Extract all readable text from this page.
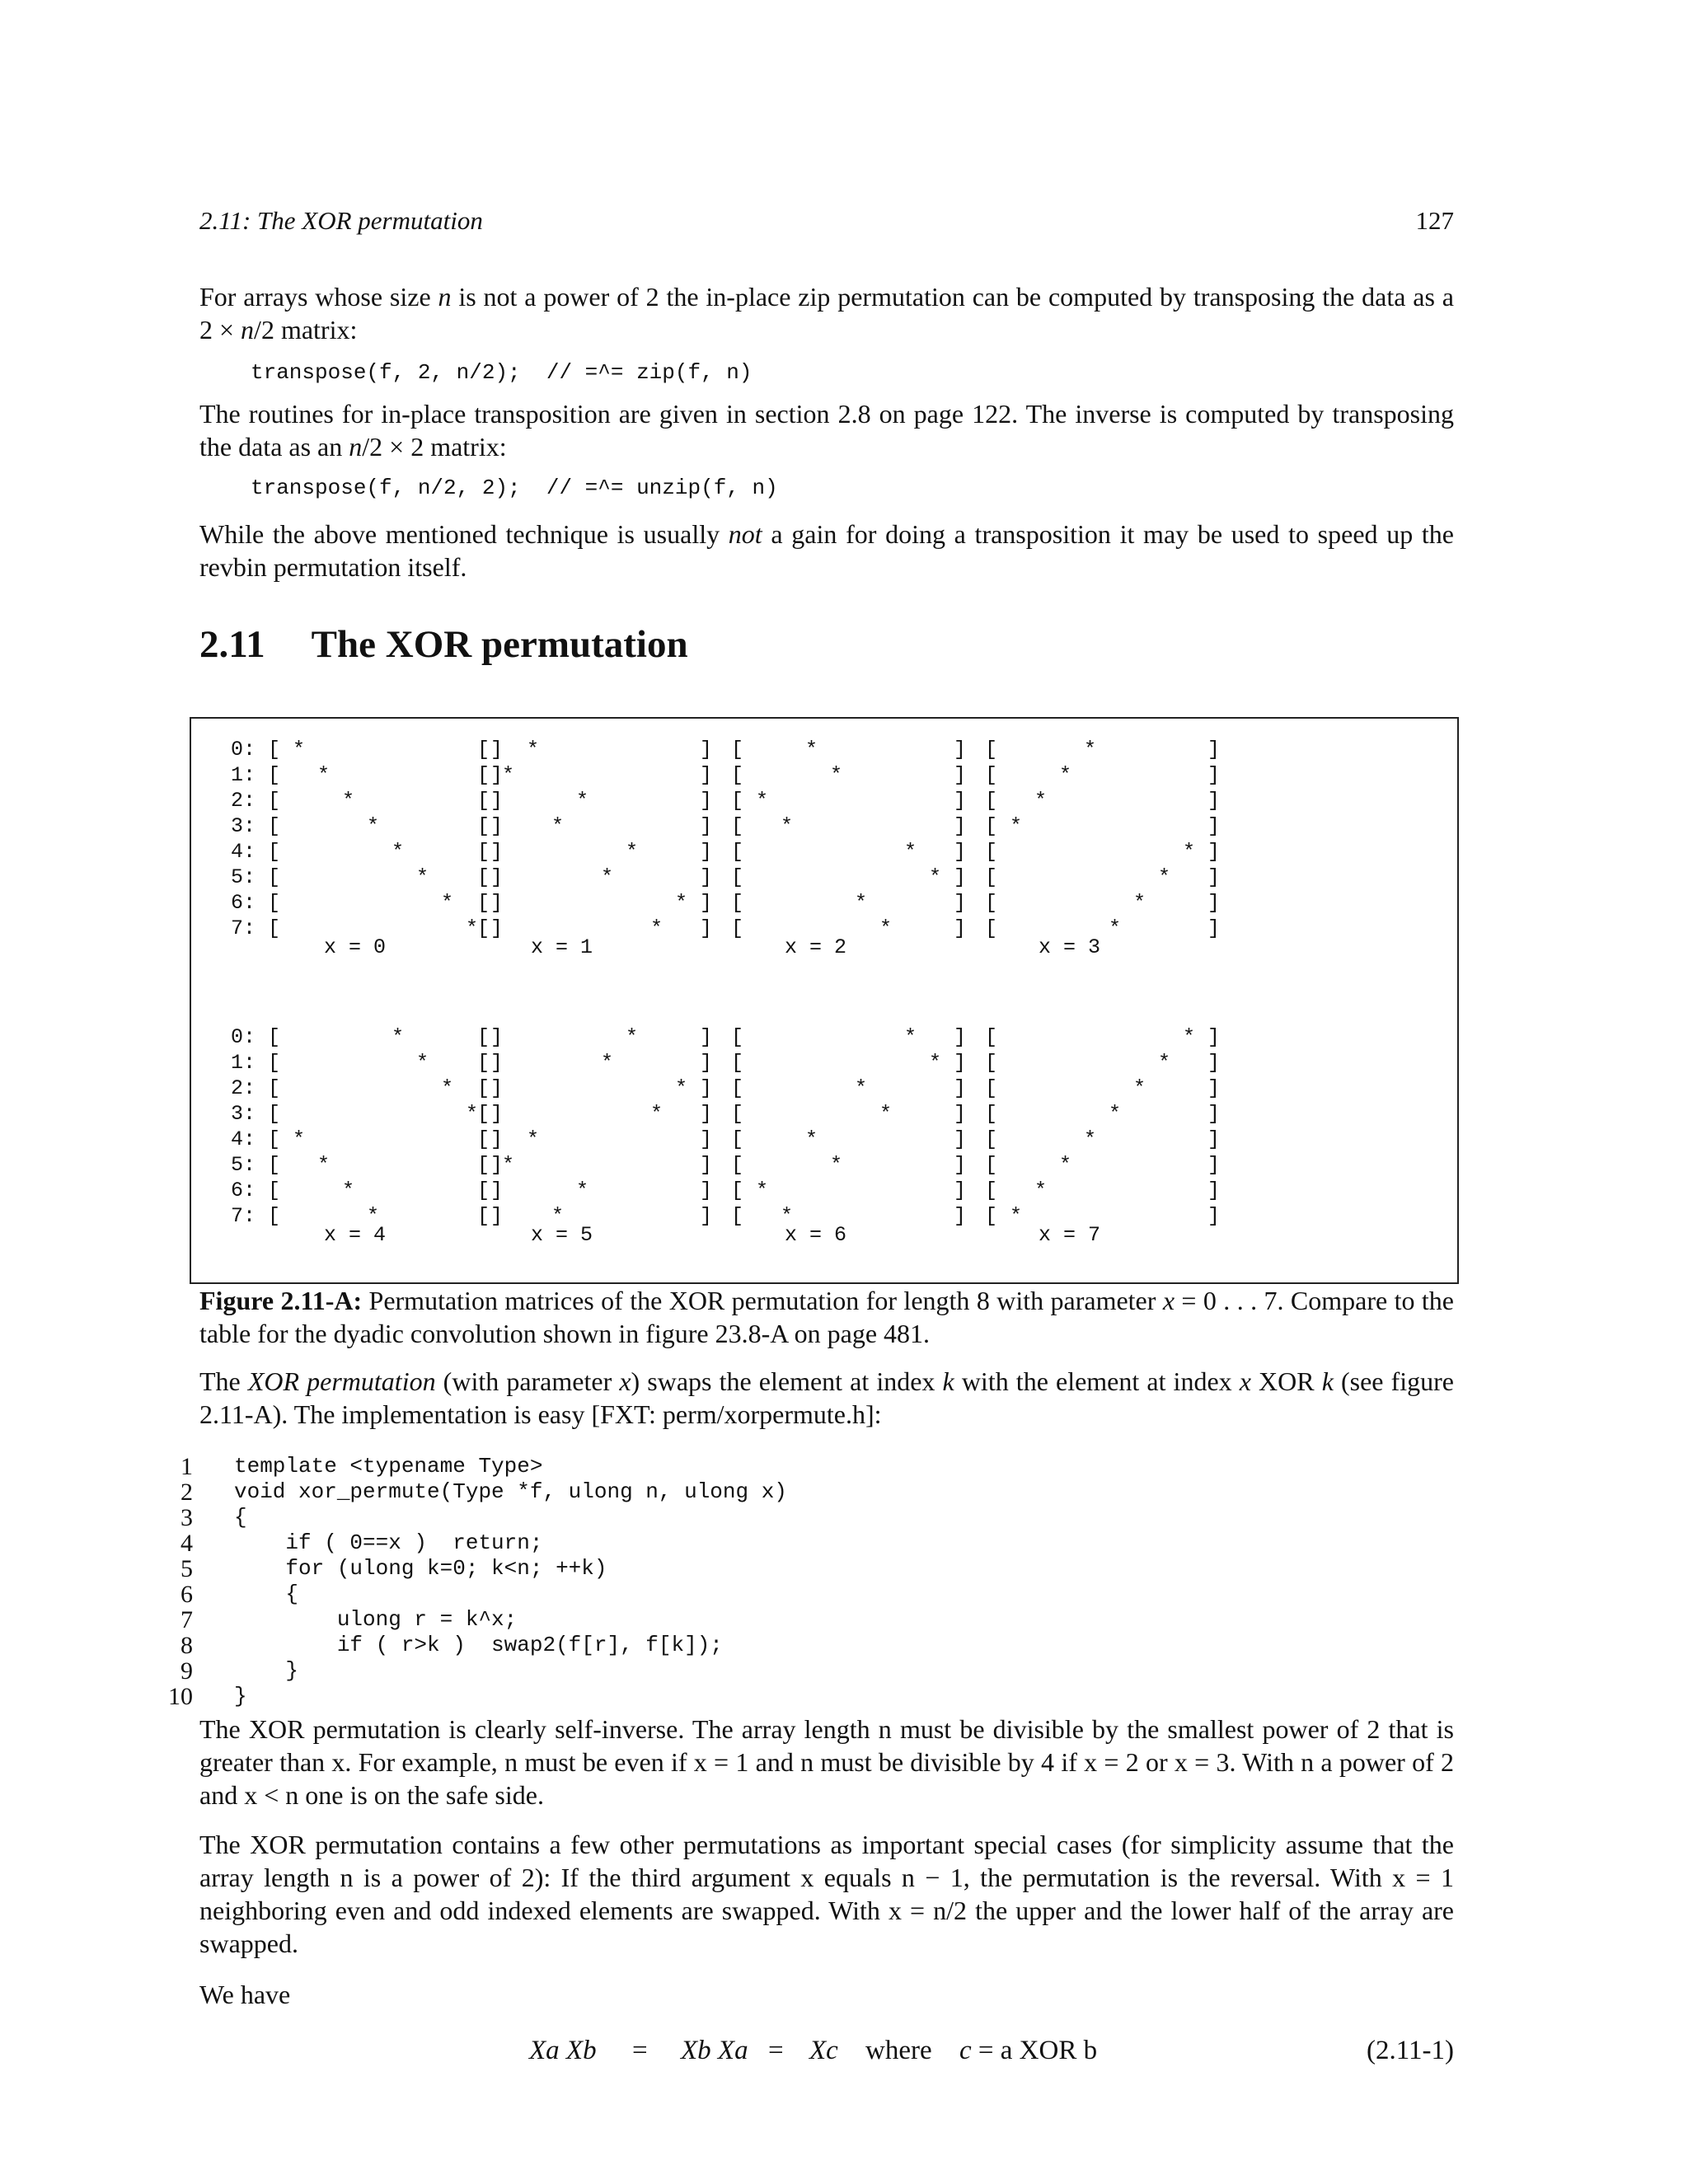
2.11: The XOR permutation	127

For arrays whose size n is not a power of 2 the in-place zip permutation can be computed by transposing the data as a 2 × n/2 matrix:

transpose(f, 2, n/2);  // =^= zip(f, n)

The routines for in-place transposition are given in section 2.8 on page 122. The inverse is computed by transposing the data as an n/2 × 2 matrix:

transpose(f, n/2, 2);  // =^= unzip(f, n)

While the above mentioned technique is usually not a gain for doing a transposition it may be used to speed up the revbin permutation itself.

2.11 The XOR permutation
0: [ *               ]
1: [   *             ]
2: [     *           ]
3: [       *         ]
4: [         *       ]
5: [           *     ]
6: [             *   ]
7: [               * ]
x = 0
[   *             ]
[ *               ]
[       *         ]
[     *           ]
[           *     ]
[         *       ]
[               * ]
[             *   ]
x = 1
[     *           ]
[       *         ]
[ *               ]
[   *             ]
[             *   ]
[               * ]
[         *       ]
[           *     ]
x = 2
[       *         ]
[     *           ]
[   *             ]
[ *               ]
[               * ]
[             *   ]
[           *     ]
[         *       ]
x = 3
0: [         *       ]
1: [           *     ]
2: [             *   ]
3: [               * ]
4: [ *               ]
5: [   *             ]
6: [     *           ]
7: [       *         ]
x = 4
[           *     ]
[         *       ]
[               * ]
[             *   ]
[   *             ]
[ *               ]
[       *         ]
[     *           ]
x = 5
[             *   ]
[               * ]
[         *       ]
[           *     ]
[     *           ]
[       *         ]
[ *               ]
[   *             ]
x = 6
[               * ]
[             *   ]
[           *     ]
[         *       ]
[       *         ]
[     *           ]
[   *             ]
[ *               ]
x = 7

Figure 2.11-A: Permutation matrices of the XOR permutation for length 8 with parameter x = 0 . . . 7. Compare to the table for the dyadic convolution shown in figure 23.8-A on page 481.

The XOR permutation (with parameter x) swaps the element at index k with the element at index x XOR k (see figure 2.11-A). The implementation is easy [FXT: perm/xorpermute.h]:

1 template <typename Type>
2 void xor_permute(Type *f, ulong n, ulong x)
3 {
4 if ( 0==x )  return;
5 for (ulong k=0; k<n; ++k)
6 {
7 ulong r = k^x;
8 if ( r>k )  swap2(f[r], f[k]);
9 }
10 }

The XOR permutation is clearly self-inverse. The array length n must be divisible by the smallest power of 2 that is greater than x. For example, n must be even if x = 1 and n must be divisible by 4 if x = 2 or x = 3. With n a power of 2 and x < n one is on the safe side.

The XOR permutation contains a few other permutations as important special cases (for simplicity assume that the array length n is a power of 2): If the third argument x equals n − 1, the permutation is the reversal. With x = 1 neighboring even and odd indexed elements are swapped. With x = n/2 the upper and the lower half of the array are swapped.

We have

Xa Xb = Xb Xa = Xc where c = a XOR b	(2.11-1)
